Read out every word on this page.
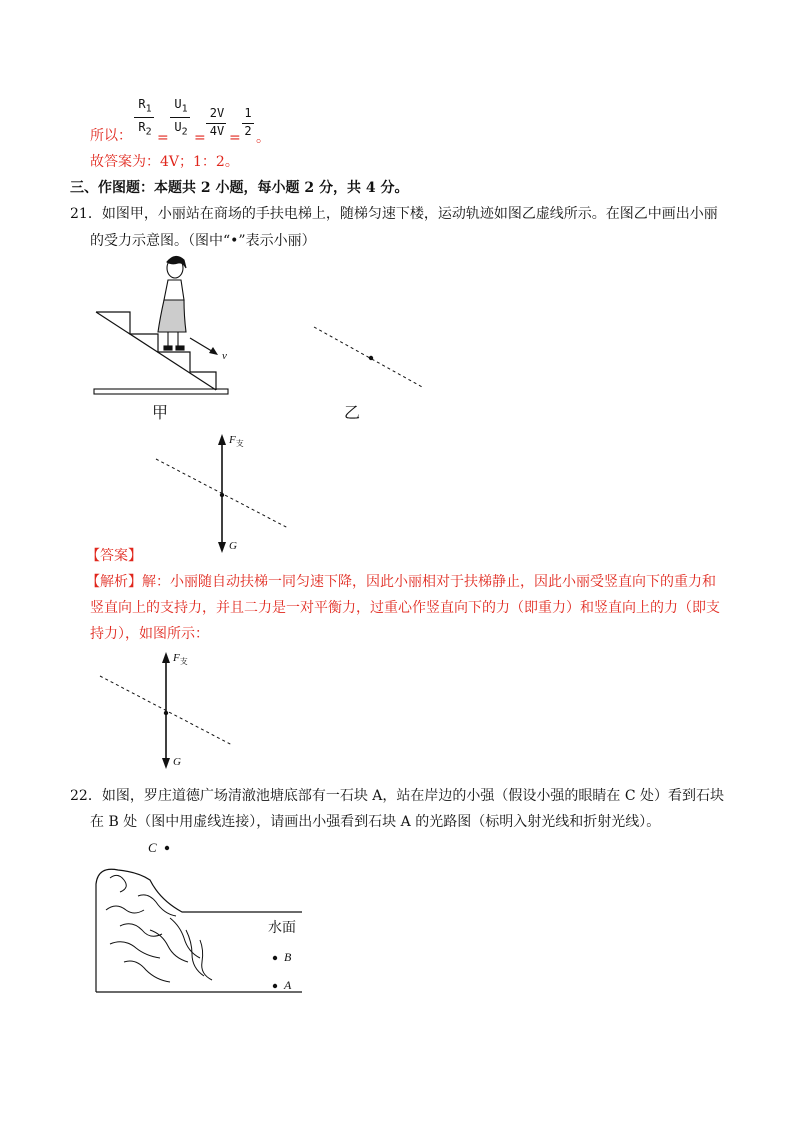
所以：
$R_1$
$R_2$ =
$U_1$
$U_2$ =
2V
4V =
1
2 。
故答案为：4V；1：2。
三、作图题：本题共 2 小题，每小题 2 分，共 4 分。
21．如图甲，小丽站在商场的手扶电梯上，随梯匀速下楼，运动轨迹如图乙虚线所示。在图乙中画出小丽
的受力示意图。（图中“•”表示小丽）
v
甲	乙
$F_支$
G
【答案】
【解析】解：小丽随自动扶梯一同匀速下降，因此小丽相对于扶梯静止，因此小丽受竖直向下的重力和
竖直向上的支持力，并且二力是一对平衡力，过重心作竖直向下的力（即重力）和竖直向上的力（即支
持力），如图所示：
$F_支$
G
22．如图，罗庄道德广场清澈池塘底部有一石块 A，站在岸边的小强（假设小强的眼睛在 C 处）看到石块
在 B 处（图中用虚线连接），请画出小强看到石块 A 的光路图（标明入射光线和折射光线）。
C
水面
B
A
